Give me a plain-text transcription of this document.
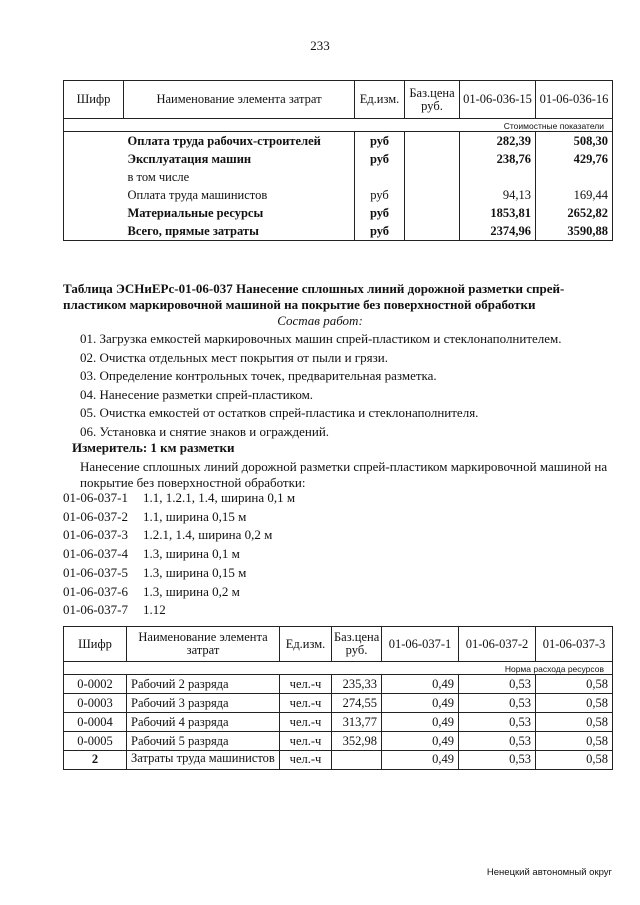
233
Шифр	Наименование элемента затрат	Ед.изм.	Баз.цена руб.	01-06-036-15	01-06-036-16
Стоимостные показатели					
	Оплата труда рабочих-строителей	руб		282,39	508,30
	Эксплуатация машин	руб		238,76	429,76
	в том числе				
	Оплата труда машинистов	руб		94,13	169,44
	Материальные ресурсы	руб		1853,81	2652,82
	Всего, прямые затраты	руб		2374,96	3590,88
Таблица ЭСНиЕРс-01-06-037 Нанесение сплошных линий дорожной разметки спрей-пластиком маркировочной машиной на покрытие без поверхностной обработки
Состав работ:
01. Загрузка емкостей маркировочных машин спрей-пластиком и стеклонаполнителем.
02. Очистка отдельных мест покрытия от пыли и грязи.
03. Определение контрольных точек, предварительная разметка.
04. Нанесение разметки спрей-пластиком.
05. Очистка емкостей от остатков спрей-пластика и стеклонаполнителя.
06. Установка и снятие знаков и ограждений.
Измеритель: 1 км разметки
Нанесение сплошных линий дорожной разметки спрей-пластиком маркировочной машиной на покрытие без поверхностной обработки:
01-06-037-1 1.1, 1.2.1, 1.4, ширина 0,1 м
01-06-037-2 1.1, ширина 0,15 м
01-06-037-3 1.2.1, 1.4, ширина 0,2 м
01-06-037-4 1.3, ширина 0,1 м
01-06-037-5 1.3, ширина 0,15 м
01-06-037-6 1.3, ширина 0,2 м
01-06-037-7 1.12
Шифр	Наименование элемента затрат	Ед.изм.	Баз.цена руб.	01-06-037-1	01-06-037-2	01-06-037-3
Норма расхода ресурсов						
0-0002	Рабочий 2 разряда	чел.-ч	235,33	0,49	0,53	0,58
0-0003	Рабочий 3 разряда	чел.-ч	274,55	0,49	0,53	0,58
0-0004	Рабочий 4 разряда	чел.-ч	313,77	0,49	0,53	0,58
0-0005	Рабочий 5 разряда	чел.-ч	352,98	0,49	0,53	0,58
2	Затраты труда машинистов	чел.-ч		0,49	0,53	0,58
Ненецкий автономный округ
